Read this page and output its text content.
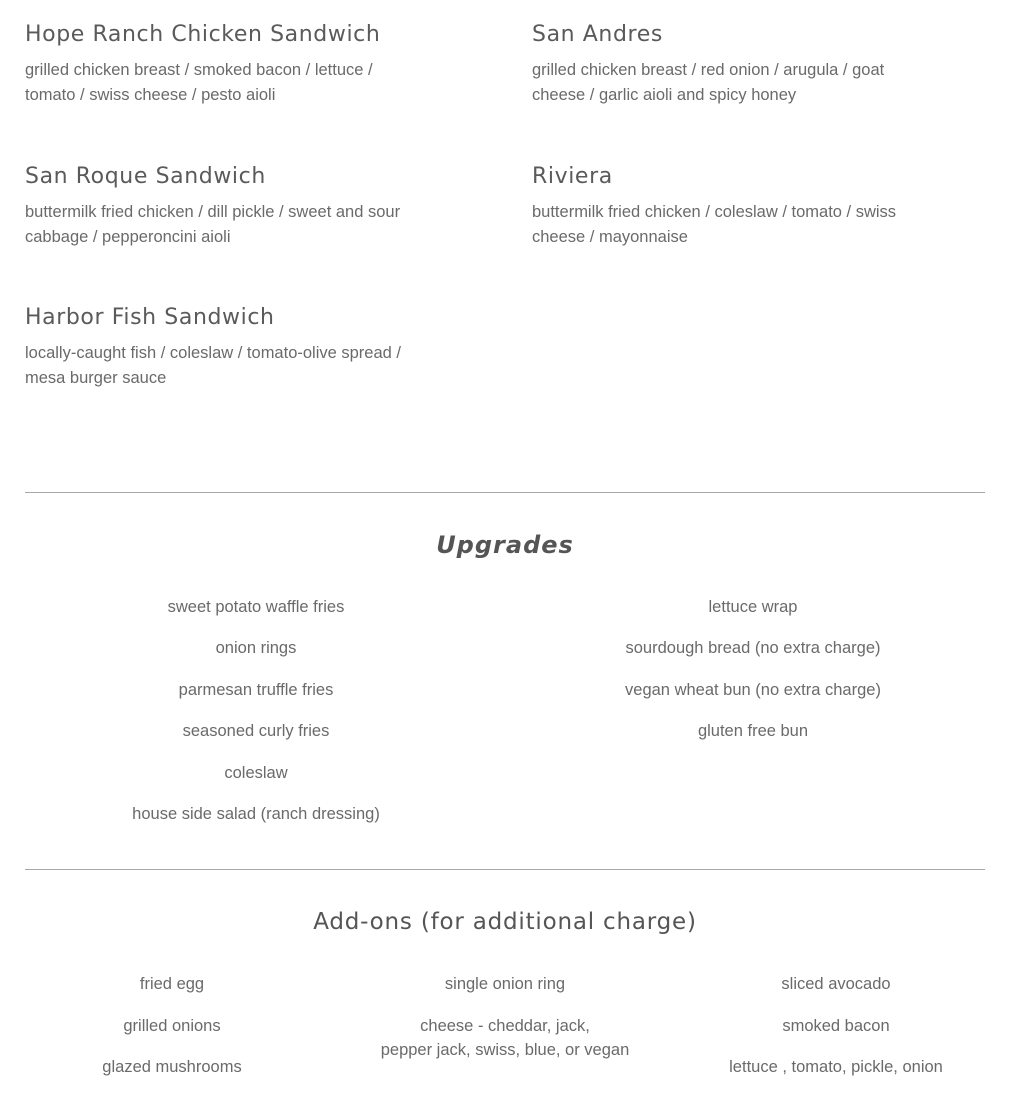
Hope Ranch Chicken Sandwich
grilled chicken breast / smoked bacon / lettuce / tomato / swiss cheese / pesto aioli
San Andres
grilled chicken breast / red onion / arugula / goat cheese / garlic aioli and spicy honey
San Roque Sandwich
buttermilk fried chicken / dill pickle / sweet and sour cabbage / pepperoncini aioli
Riviera
buttermilk fried chicken / coleslaw / tomato / swiss cheese / mayonnaise
Harbor Fish Sandwich
locally-caught fish / coleslaw / tomato-olive spread / mesa burger sauce
Upgrades
sweet potato waffle fries
onion rings
parmesan truffle fries
seasoned curly fries
coleslaw
house side salad (ranch dressing)
lettuce wrap
sourdough bread (no extra charge)
vegan wheat bun (no extra charge)
gluten free bun
Add-ons (for additional charge)
fried egg
grilled onions
glazed mushrooms
single onion ring
cheese - cheddar, jack,
pepper jack, swiss, blue, or vegan
sliced avocado
smoked bacon
lettuce , tomato, pickle, onion
